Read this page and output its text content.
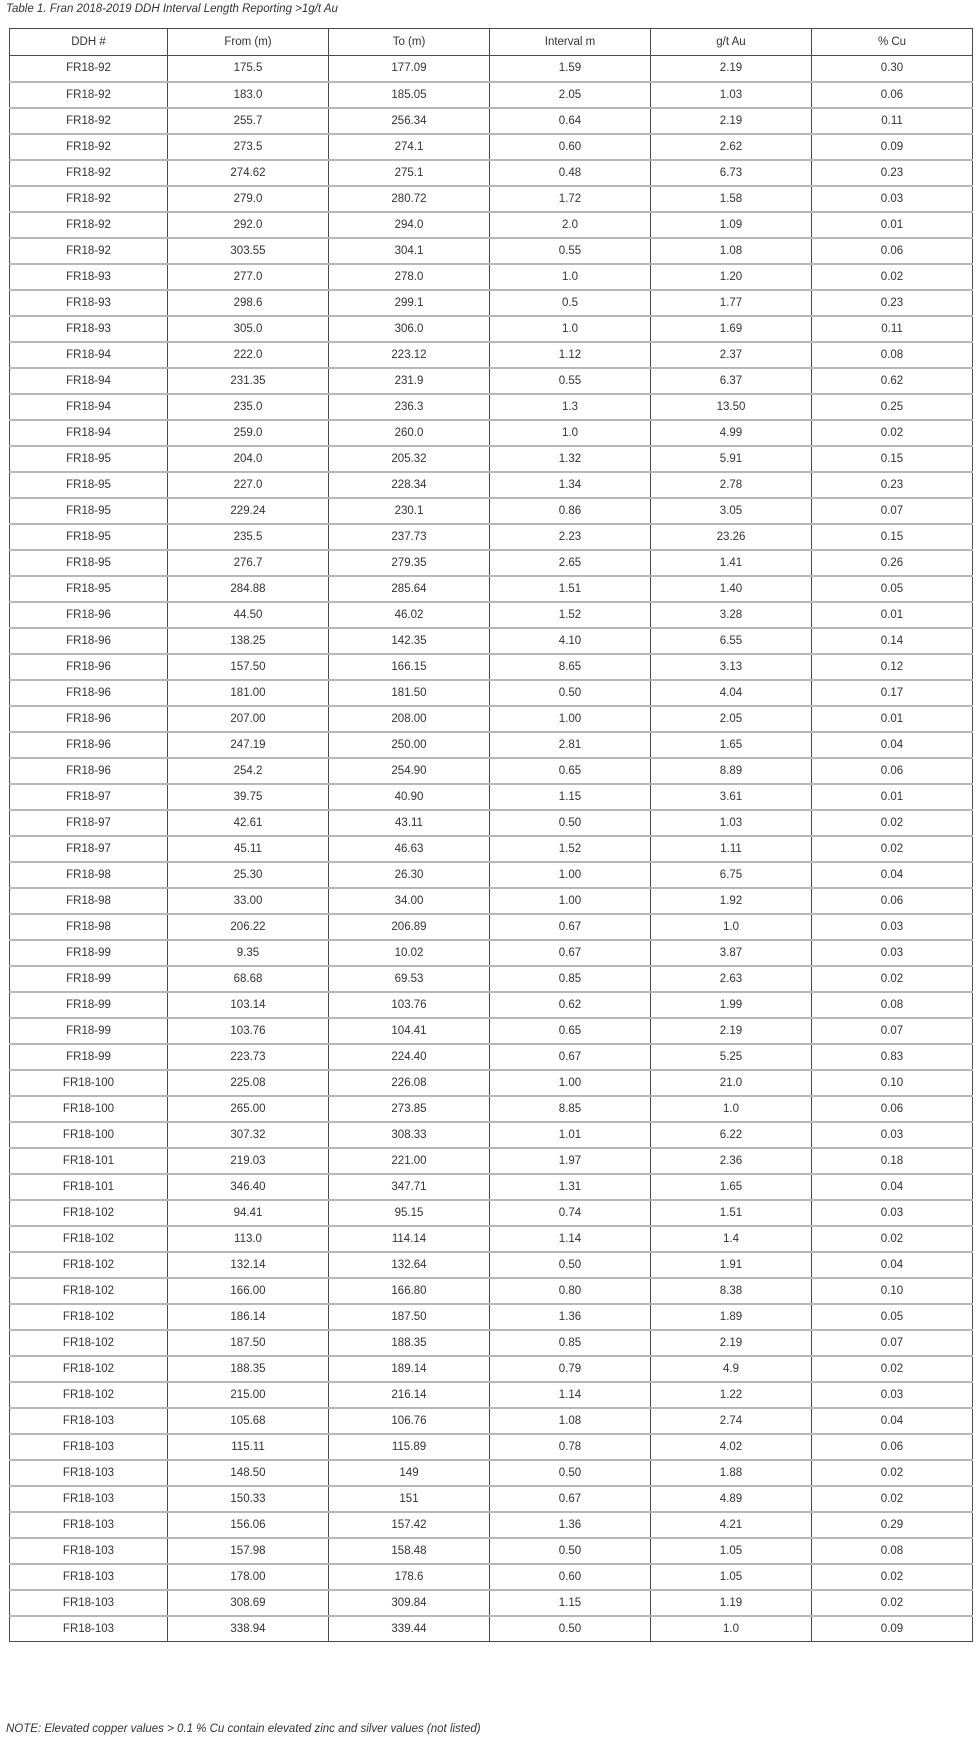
Table 1. Fran 2018-2019 DDH Interval Length Reporting >1g/t Au
DDH #	From (m)	To (m)	Interval m	g/t Au	% Cu
FR18-92	175.5	177.09	1.59	2.19	0.30
FR18-92	183.0	185.05	2.05	1.03	0.06
FR18-92	255.7	256.34	0.64	2.19	0.11
FR18-92	273.5	274.1	0.60	2.62	0.09
FR18-92	274.62	275.1	0.48	6.73	0.23
FR18-92	279.0	280.72	1.72	1.58	0.03
FR18-92	292.0	294.0	2.0	1.09	0.01
FR18-92	303.55	304.1	0.55	1.08	0.06
FR18-93	277.0	278.0	1.0	1.20	0.02
FR18-93	298.6	299.1	0.5	1.77	0.23
FR18-93	305.0	306.0	1.0	1.69	0.11
FR18-94	222.0	223.12	1.12	2.37	0.08
FR18-94	231.35	231.9	0.55	6.37	0.62
FR18-94	235.0	236.3	1.3	13.50	0.25
FR18-94	259.0	260.0	1.0	4.99	0.02
FR18-95	204.0	205.32	1.32	5.91	0.15
FR18-95	227.0	228.34	1.34	2.78	0.23
FR18-95	229.24	230.1	0.86	3.05	0.07
FR18-95	235.5	237.73	2.23	23.26	0.15
FR18-95	276.7	279.35	2.65	1.41	0.26
FR18-95	284.88	285.64	1.51	1.40	0.05
FR18-96	44.50	46.02	1.52	3.28	0.01
FR18-96	138.25	142.35	4.10	6.55	0.14
FR18-96	157.50	166.15	8.65	3.13	0.12
FR18-96	181.00	181.50	0.50	4.04	0.17
FR18-96	207.00	208.00	1.00	2.05	0.01
FR18-96	247.19	250.00	2.81	1.65	0.04
FR18-96	254.2	254.90	0.65	8.89	0.06
FR18-97	39.75	40.90	1.15	3.61	0.01
FR18-97	42.61	43.11	0.50	1.03	0.02
FR18-97	45.11	46.63	1.52	1.11	0.02
FR18-98	25.30	26.30	1.00	6.75	0.04
FR18-98	33.00	34.00	1.00	1.92	0.06
FR18-98	206.22	206.89	0.67	1.0	0.03
FR18-99	9.35	10.02	0.67	3.87	0.03
FR18-99	68.68	69.53	0.85	2.63	0.02
FR18-99	103.14	103.76	0.62	1.99	0.08
FR18-99	103.76	104.41	0.65	2.19	0.07
FR18-99	223.73	224.40	0.67	5.25	0.83
FR18-100	225.08	226.08	1.00	21.0	0.10
FR18-100	265.00	273.85	8.85	1.0	0.06
FR18-100	307.32	308.33	1.01	6.22	0.03
FR18-101	219.03	221.00	1.97	2.36	0.18
FR18-101	346.40	347.71	1.31	1.65	0.04
FR18-102	94.41	95.15	0.74	1.51	0.03
FR18-102	113.0	114.14	1.14	1.4	0.02
FR18-102	132.14	132.64	0.50	1.91	0.04
FR18-102	166.00	166.80	0.80	8.38	0.10
FR18-102	186.14	187.50	1.36	1.89	0.05
FR18-102	187.50	188.35	0.85	2.19	0.07
FR18-102	188.35	189.14	0.79	4.9	0.02
FR18-102	215.00	216.14	1.14	1.22	0.03
FR18-103	105.68	106.76	1.08	2.74	0.04
FR18-103	115.11	115.89	0.78	4.02	0.06
FR18-103	148.50	149	0.50	1.88	0.02
FR18-103	150.33	151	0.67	4.89	0.02
FR18-103	156.06	157.42	1.36	4.21	0.29
FR18-103	157.98	158.48	0.50	1.05	0.08
FR18-103	178.00	178.6	0.60	1.05	0.02
FR18-103	308.69	309.84	1.15	1.19	0.02
FR18-103	338.94	339.44	0.50	1.0	0.09
NOTE: Elevated copper values > 0.1 % Cu contain elevated zinc and silver values (not listed)
